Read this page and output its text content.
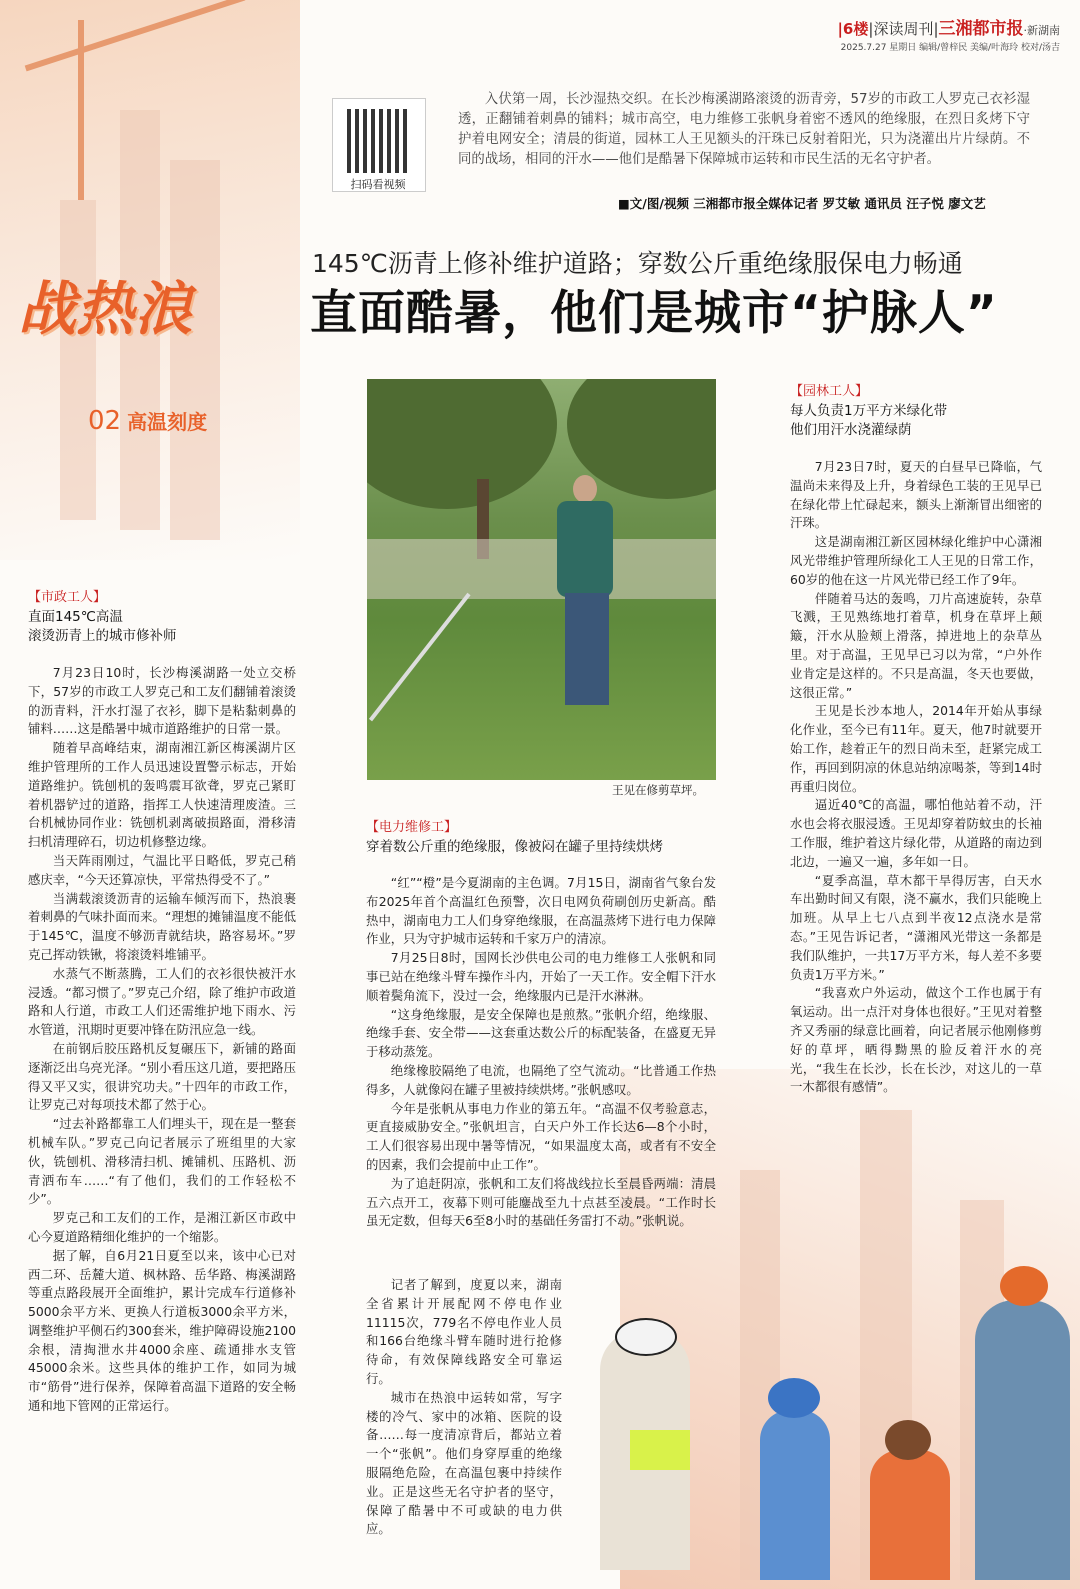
|6楼|深读周刊|三湘都市报·新湖南
2025.7.27 星期日 编辑/曾梓民 美编/叶海玲 校对/汤吉
扫码看视频
入伏第一周，长沙湿热交织。在长沙梅溪湖路滚烫的沥青旁，57岁的市政工人罗克己衣衫湿透，正翻铺着刺鼻的铺料；城市高空，电力维修工张帆身着密不透风的绝缘服，在烈日炙烤下守护着电网安全；清晨的街道，园林工人王见额头的汗珠已反射着阳光，只为浇灌出片片绿荫。不同的战场，相同的汗水——他们是酷暑下保障城市运转和市民生活的无名守护者。
■文/图/视频 三湘都市报全媒体记者 罗艾敏 通讯员 汪子悦 廖文艺
战热浪
02 高温刻度
145℃沥青上修补维护道路；穿数公斤重绝缘服保电力畅通
直面酷暑，他们是城市“护脉人”
王见在修剪草坪。
【市政工人】
直面145℃高温
滚烫沥青上的城市修补师

7月23日10时，长沙梅溪湖路一处立交桥下，57岁的市政工人罗克己和工友们翻铺着滚烫的沥青料，汗水打湿了衣衫，脚下是粘黏刺鼻的铺料……这是酷暑中城市道路维护的日常一景。

随着早高峰结束，湖南湘江新区梅溪湖片区维护管理所的工作人员迅速设置警示标志，开始道路维护。铣刨机的轰鸣震耳欲聋，罗克己紧盯着机器铲过的道路，指挥工人快速清理废渣。三台机械协同作业：铣刨机剥离破损路面，滑移清扫机清理碎石，切边机修整边缘。

当天阵雨刚过，气温比平日略低，罗克己稍感庆幸，“今天还算凉快，平常热得受不了。”

当满载滚烫沥青的运输车倾泻而下，热浪裹着刺鼻的气味扑面而来。“理想的摊铺温度不能低于145℃，温度不够沥青就结块，路容易坏。”罗克己挥动铁锹，将滚烫料堆铺平。

水蒸气不断蒸腾，工人们的衣衫很快被汗水浸透。“都习惯了。”罗克己介绍，除了维护市政道路和人行道，市政工人们还需维护地下雨水、污水管道，汛期时更要冲锋在防汛应急一线。

在前钢后胶压路机反复碾压下，新铺的路面逐渐泛出乌亮光泽。“别小看压这几道，要把路压得又平又实，很讲究功夫。”十四年的市政工作，让罗克己对每项技术都了然于心。

“过去补路都靠工人们埋头干，现在是一整套机械车队。”罗克己向记者展示了班组里的大家伙，铣刨机、滑移清扫机、摊铺机、压路机、沥青洒布车……“有了他们，我们的工作轻松不少”。

罗克己和工友们的工作，是湘江新区市政中心今夏道路精细化维护的一个缩影。

据了解，自6月21日夏至以来，该中心已对西二环、岳麓大道、枫林路、岳华路、梅溪湖路等重点路段展开全面维护，累计完成车行道修补5000余平方米、更换人行道板3000余平方米，调整维护平侧石约300套米，维护障碍设施2100余根，清掏泄水井4000余座、疏通排水支管45000余米。这些具体的维护工作，如同为城市“筋骨”进行保养，保障着高温下道路的安全畅通和地下管网的正常运行。

【电力维修工】
穿着数公斤重的绝缘服，像被闷在罐子里持续烘烤

“红”“橙”是今夏湖南的主色调。7月15日，湖南省气象台发布2025年首个高温红色预警，次日电网负荷刷创历史新高。酷热中，湖南电力工人们身穿绝缘服，在高温蒸烤下进行电力保障作业，只为守护城市运转和千家万户的清凉。

7月25日8时，国网长沙供电公司的电力维修工人张帆和同事已站在绝缘斗臂车操作斗内，开始了一天工作。安全帽下汗水顺着鬓角流下，没过一会，绝缘服内已是汗水淋淋。

“这身绝缘服，是安全保障也是煎熬。”张帆介绍，绝缘服、绝缘手套、安全带——这套重达数公斤的标配装备，在盛夏无异于移动蒸笼。

绝缘橡胶隔绝了电流，也隔绝了空气流动。“比普通工作热得多，人就像闷在罐子里被持续烘烤。”张帆感叹。

今年是张帆从事电力作业的第五年。“高温不仅考验意志，更直接威胁安全。”张帆坦言，白天户外工作长达6—8个小时，工人们很容易出现中暑等情况，“如果温度太高，或者有不安全的因素，我们会提前中止工作”。

为了追赶阴凉，张帆和工友们将战线拉长至晨昏两端：清晨五六点开工，夜幕下则可能鏖战至九十点甚至凌晨。“工作时长虽无定数，但每天6至8小时的基础任务雷打不动。”张帆说。

记者了解到，度夏以来，湖南全省累计开展配网不停电作业11115次，779名不停电作业人员和166台绝缘斗臂车随时进行抢修待命，有效保障线路安全可靠运行。

城市在热浪中运转如常，写字楼的冷气、家中的冰箱、医院的设备……每一度清凉背后，都站立着一个“张帆”。他们身穿厚重的绝缘服隔绝危险，在高温包裹中持续作业。正是这些无名守护者的坚守，保障了酷暑中不可或缺的电力供应。

【园林工人】
每人负责1万平方米绿化带
他们用汗水浇灌绿荫

7月23日7时，夏天的白昼早已降临，气温尚未来得及上升，身着绿色工装的王见早已在绿化带上忙碌起来，额头上渐渐冒出细密的汗珠。

这是湖南湘江新区园林绿化维护中心潇湘风光带维护管理所绿化工人王见的日常工作，60岁的他在这一片风光带已经工作了9年。

伴随着马达的轰鸣，刀片高速旋转，杂草飞溅，王见熟练地打着草，机身在草坪上颠簸，汗水从脸颊上滑落，掉进地上的杂草丛里。对于高温，王见早已习以为常，“户外作业肯定是这样的。不只是高温，冬天也要做，这很正常。”

王见是长沙本地人，2014年开始从事绿化作业，至今已有11年。夏天，他7时就要开始工作，趁着正午的烈日尚未至，赶紧完成工作，再回到阴凉的休息站纳凉喝茶，等到14时再重归岗位。

逼近40℃的高温，哪怕他站着不动，汗水也会将衣服浸透。王见却穿着防蚊虫的长袖工作服，维护着这片绿化带，从道路的南边到北边，一遍又一遍，多年如一日。

“夏季高温，草木都干旱得厉害，白天水车出勤时间又有限，浇不赢水，我们只能晚上加班。从早上七八点到半夜12点浇水是常态。”王见告诉记者，“潇湘风光带这一条都是我们队维护，一共17万平方米，每人差不多要负责1万平方米。”

“我喜欢户外运动，做这个工作也属于有氧运动。出一点汗对身体也很好。”王见对着整齐又秀丽的绿意比画着，向记者展示他刚修剪好的草坪，晒得黝黑的脸反着汗水的亮光，“我生在长沙，长在长沙，对这儿的一草一木都很有感情”。
